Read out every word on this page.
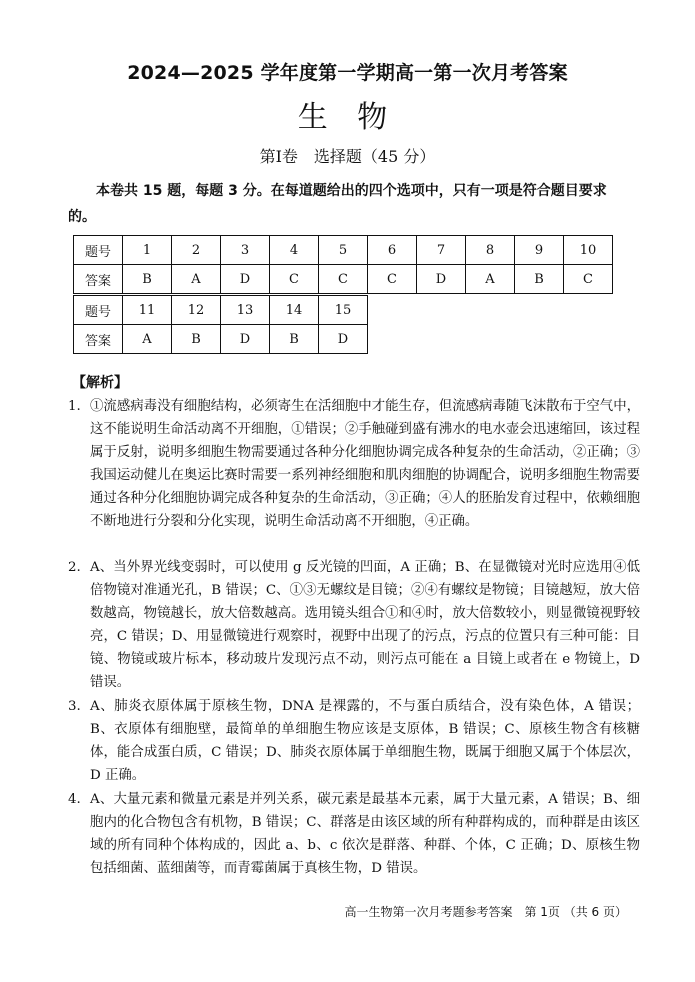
2024—2025 学年度第一学期高一第一次月考答案
生 物
第Ⅰ卷　选择题（45 分）
本卷共 15 题，每题 3 分。在每道题给出的四个选项中，只有一项是符合题目要求的。
题号	1	2	3	4	5	6	7	8	9	10
答案	B	A	D	C	C	C	D	A	B	C
题号	11	12	13	14	15
答案	A	B	D	B	D
【解析】
1. ①流感病毒没有细胞结构，必须寄生在活细胞中才能生存，但流感病毒随飞沫散布于空气中，这不能说明生命活动离不开细胞，①错误；②手触碰到盛有沸水的电水壶会迅速缩回，该过程属于反射，说明多细胞生物需要通过各种分化细胞协调完成各种复杂的生命活动，②正确；③我国运动健儿在奥运比赛时需要一系列神经细胞和肌肉细胞的协调配合，说明多细胞生物需要通过各种分化细胞协调完成各种复杂的生命活动，③正确；④人的胚胎发育过程中，依赖细胞不断地进行分裂和分化实现，说明生命活动离不开细胞，④正确。
2. A、当外界光线变弱时，可以使用 g 反光镜的凹面，A 正确；B、在显微镜对光时应选用④低倍物镜对准通光孔，B 错误；C、①③无螺纹是目镜；②④有螺纹是物镜；目镜越短，放大倍数越高，物镜越长，放大倍数越高。选用镜头组合①和④时，放大倍数较小，则显微镜视野较亮，C 错误；D、用显微镜进行观察时，视野中出现了的污点，污点的位置只有三种可能：目镜、物镜或玻片标本，移动玻片发现污点不动，则污点可能在 a 目镜上或者在 e 物镜上，D 错误。
3. A、肺炎衣原体属于原核生物，DNA 是裸露的，不与蛋白质结合，没有染色体，A 错误；B、衣原体有细胞壁，最简单的单细胞生物应该是支原体，B 错误；C、原核生物含有核糖体，能合成蛋白质，C 错误；D、肺炎衣原体属于单细胞生物，既属于细胞又属于个体层次，D 正确。
4. A、大量元素和微量元素是并列关系，碳元素是最基本元素，属于大量元素，A 错误；B、细胞内的化合物包含有机物，B 错误；C、群落是由该区域的所有种群构成的，而种群是由该区域的所有同种个体构成的，因此 a、b、c 依次是群落、种群、个体，C 正确；D、原核生物包括细菌、蓝细菌等，而青霉菌属于真核生物，D 错误。
高一生物第一次月考题参考答案　第 1页 （共 6 页）
